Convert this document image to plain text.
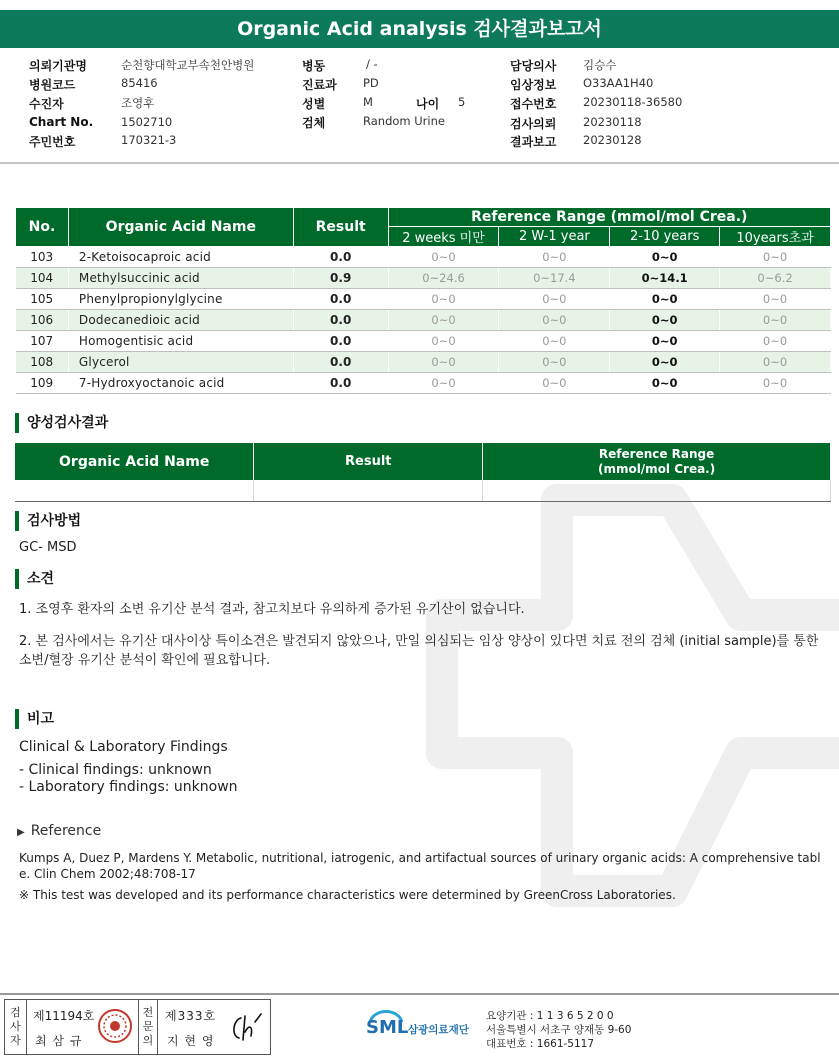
Organic Acid analysis 검사결과보고서
의뢰기관명	순천향대학교부속천안병원
병원코드	85416
수진자	조영후
Chart No. 1502710
주민번호	170321-3
병동	/ -
진료과 PD
성별	M	나이 5
검체	Random Urine
담당의사 김승수
임상정보 O33AA1H40
접수번호 20230118-36580
검사의뢰 20230118
결과보고 20230128
No.	Organic Acid Name	Result	Reference Range (mmol/mol Crea.)			
			2 weeks 미만	2 W-1 year	2-10 years	10years초과
103	2-Ketoisocaproic acid	0.0	0~0	0~0	0~0	0~0
104	Methylsuccinic acid	0.9	0~24.6	0~17.4	0~14.1	0~6.2
105	Phenylpropionylglycine	0.0	0~0	0~0	0~0	0~0
106	Dodecanedioic acid	0.0	0~0	0~0	0~0	0~0
107	Homogentisic acid	0.0	0~0	0~0	0~0	0~0
108	Glycerol	0.0	0~0	0~0	0~0	0~0
109	7-Hydroxyoctanoic acid	0.0	0~0	0~0	0~0	0~0
양성검사결과
Organic Acid Name	Result	Reference Range
(mmol/mol Crea.)

검사방법
GC- MSD
소견
1. 조영후 환자의 소변 유기산 분석 결과, 참고치보다 유의하게 증가된 유기산이 없습니다.
2. 본 검사에서는 유기산 대사이상 특이소견은 발견되지 않았으나, 만일 의심되는 임상 양상이 있다면 치료 전의 검체 (initial sample)를 통한 소변/혈장 유기산 분석이 확인에 필요합니다.
비고
Clinical & Laboratory Findings
- Clinical findings: unknown
- Laboratory findings: unknown
▶ Reference
Kumps A, Duez P, Mardens Y. Metabolic, nutritional, iatrogenic, and artifactual sources of urinary organic acids: A comprehensive table. Clin Chem 2002;48:708-17
※ This test was developed and its performance characteristics were determined by GreenCross Laboratories.
검사자
제11194호
최 삼 규
전문의
제333호
지 현 영
SML 삼광의료재단
요양기관 : 1 1 3 6 5 2 0 0
서울특별시 서초구 양재동 9-60
대표번호 : 1661-5117
